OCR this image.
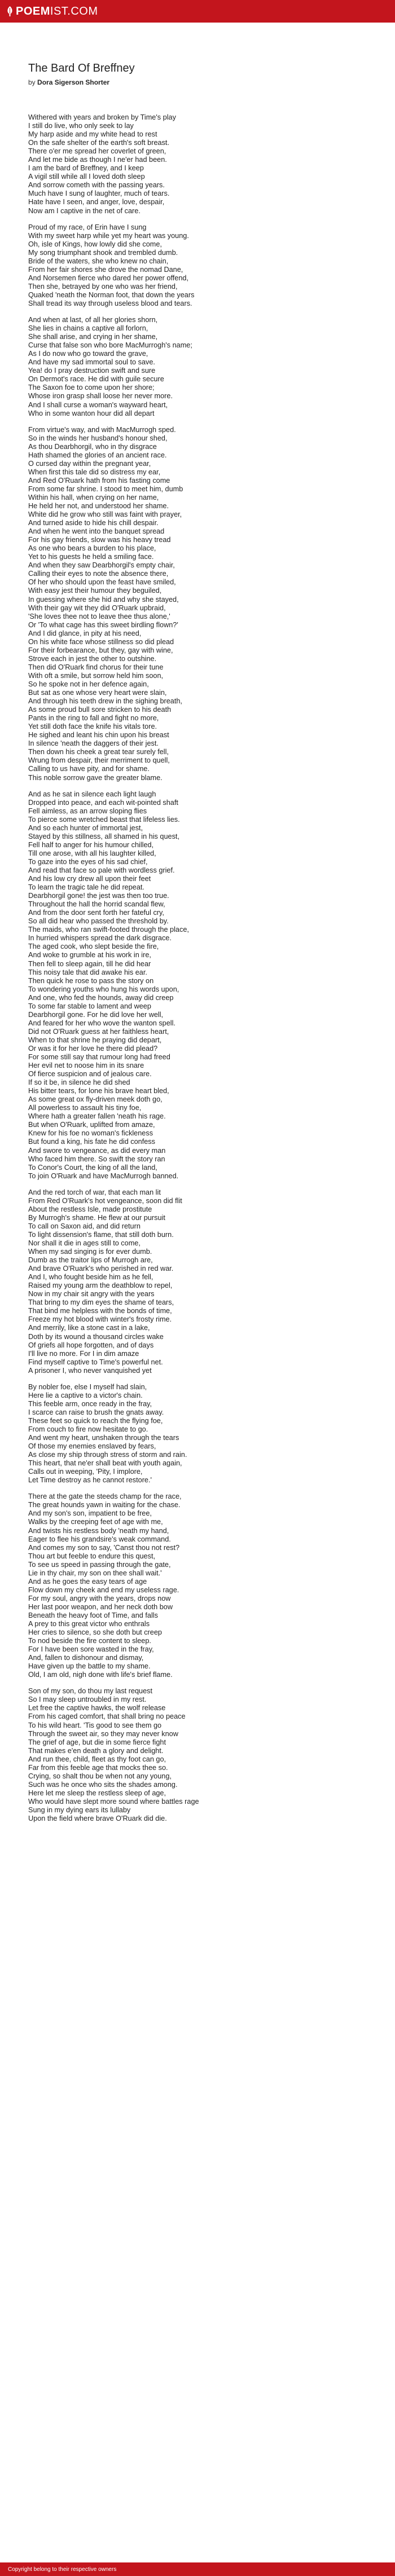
POEMIST.COM
The Bard Of Breffney
by Dora Sigerson Shorter
Withered with years and broken by Time's play
I still do live, who only seek to lay
My harp aside and my white head to rest
On the safe shelter of the earth's soft breast.
There o'er me spread her coverlet of green,
And let me bide as though I ne'er had been.
I am the bard of Breffney, and I keep
A vigil still while all I loved doth sleep
And sorrow cometh with the passing years.
Much have I sung of laughter, much of tears.
Hate have I seen, and anger, love, despair,
Now am I captive in the net of care.
Proud of my race, of Erin have I sung
With my sweet harp while yet my heart was young.
Oh, isle of Kings, how lowly did she come,
My song triumphant shook and trembled dumb.
Bride of the waters, she who knew no chain,
From her fair shores she drove the nomad Dane,
And Norsemen fierce who dared her power offend,
Then she, betrayed by one who was her friend,
Quaked 'neath the Norman foot, that down the years
Shall tread its way through useless blood and tears.
And when at last, of all her glories shorn,
She lies in chains a captive all forlorn,
She shall arise, and crying in her shame,
Curse that false son who bore MacMurrogh's name;
As I do now who go toward the grave,
And have my sad immortal soul to save.
Yea! do I pray destruction swift and sure
On Dermot's race. He did with guile secure
The Saxon foe to come upon her shore;
Whose iron grasp shall loose her never more.
And I shall curse a woman's wayward heart,
Who in some wanton hour did all depart
From virtue's way, and with MacMurrogh sped.
So in the winds her husband's honour shed,
As thou Dearbhorgil, who in thy disgrace
Hath shamed the glories of an ancient race.
O cursed day within the pregnant year,
When first this tale did so distress my ear,
And Red O'Ruark hath from his fasting come
From some far shrine. I stood to meet him, dumb
Within his hall, when crying on her name,
He held her not, and understood her shame.
White did he grow who still was faint with prayer,
And turned aside to hide his chill despair.
And when he went into the banquet spread
For his gay friends, slow was his heavy tread
As one who bears a burden to his place,
Yet to his guests he held a smiling face.
And when they saw Dearbhorgil's empty chair,
Calling their eyes to note the absence there,
Of her who should upon the feast have smiled,
With easy jest their humour they beguiled,
In guessing where she hid and why she stayed,
With their gay wit they did O'Ruark upbraid,
'She loves thee not to leave thee thus alone,'
Or 'To what cage has this sweet birdling flown?'
And I did glance, in pity at his need,
On his white face whose stillness so did plead
For their forbearance, but they, gay with wine,
Strove each in jest the other to outshine.
Then did O'Ruark find chorus for their tune
With oft a smile, but sorrow held him soon,
So he spoke not in her defence again,
But sat as one whose very heart were slain,
And through his teeth drew in the sighing breath,
As some proud bull sore stricken to his death
Pants in the ring to fall and fight no more,
Yet still doth face the knife his vitals tore.
He sighed and leant his chin upon his breast
In silence 'neath the daggers of their jest.
Then down his cheek a great tear surely fell,
Wrung from despair, their merriment to quell,
Calling to us have pity, and for shame.
This noble sorrow gave the greater blame.
And as he sat in silence each light laugh
Dropped into peace, and each wit-pointed shaft
Fell aimless, as an arrow sloping flies
To pierce some wretched beast that lifeless lies.
And so each hunter of immortal jest,
Stayed by this stillness, all shamed in his quest,
Fell half to anger for his humour chilled,
Till one arose, with all his laughter killed,
To gaze into the eyes of his sad chief,
And read that face so pale with wordless grief.
And his low cry drew all upon their feet
To learn the tragic tale he did repeat.
Dearbhorgil gone! the jest was then too true.
Throughout the hall the horrid scandal flew,
And from the door sent forth her fateful cry,
So all did hear who passed the threshold by.
The maids, who ran swift-footed through the place,
In hurried whispers spread the dark disgrace.
The aged cook, who slept beside the fire,
And woke to grumble at his work in ire,
Then fell to sleep again, till he did hear
This noisy tale that did awake his ear.
Then quick he rose to pass the story on
To wondering youths who hung his words upon,
And one, who fed the hounds, away did creep
To some far stable to lament and weep
Dearbhorgil gone. For he did love her well,
And feared for her who wove the wanton spell.
Did not O'Ruark guess at her faithless heart,
When to that shrine he praying did depart,
Or was it for her love he there did plead?
For some still say that rumour long had freed
Her evil net to noose him in its snare
Of fierce suspicion and of jealous care.
If so it be, in silence he did shed
His bitter tears, for lone his brave heart bled,
As some great ox fly-driven meek doth go,
All powerless to assault his tiny foe,
Where hath a greater fallen 'neath his rage.
But when O'Ruark, uplifted from amaze,
Knew for his foe no woman's fickleness
But found a king, his fate he did confess
And swore to vengeance, as did every man
Who faced him there. So swift the story ran
To Conor's Court, the king of all the land,
To join O'Ruark and have MacMurrogh banned.
And the red torch of war, that each man lit
From Red O'Ruark's hot vengeance, soon did flit
About the restless Isle, made prostitute
By Murrogh's shame. He flew at our pursuit
To call on Saxon aid, and did return
To light dissension's flame, that still doth burn.
Nor shall it die in ages still to come,
When my sad singing is for ever dumb.
Dumb as the traitor lips of Murrogh are,
And brave O'Ruark's who perished in red war.
And I, who fought beside him as he fell,
Raised my young arm the deathblow to repel,
Now in my chair sit angry with the years
That bring to my dim eyes the shame of tears,
That bind me helpless with the bonds of time,
Freeze my hot blood with winter's frosty rime.
And merrily, like a stone cast in a lake,
Doth by its wound a thousand circles wake
Of griefs all hope forgotten, and of days
I'll live no more. For I in dim amaze
Find myself captive to Time's powerful net.
A prisoner I, who never vanquished yet
By nobler foe, else I myself had slain,
Here lie a captive to a victor's chain.
This feeble arm, once ready in the fray,
I scarce can raise to brush the gnats away.
These feet so quick to reach the flying foe,
From couch to fire now hesitate to go.
And went my heart, unshaken through the tears
Of those my enemies enslaved by fears,
As close my ship through stress of storm and rain.
This heart, that ne'er shall beat with youth again,
Calls out in weeping, 'Pity, I implore,
Let Time destroy as he cannot restore.'
There at the gate the steeds champ for the race,
The great hounds yawn in waiting for the chase.
And my son's son, impatient to be free,
Walks by the creeping feet of age with me,
And twists his restless body 'neath my hand,
Eager to flee his grandsire's weak command.
And comes my son to say, 'Canst thou not rest?
Thou art but feeble to endure this quest,
To see us speed in passing through the gate,
Lie in thy chair, my son on thee shall wait.'
And as he goes the easy tears of age
Flow down my cheek and end my useless rage.
For my soul, angry with the years, drops now
Her last poor weapon, and her neck doth bow
Beneath the heavy foot of Time, and falls
A prey to this great victor who enthrals
Her cries to silence, so she doth but creep
To nod beside the fire content to sleep.
For I have been sore wasted in the fray,
And, fallen to dishonour and dismay,
Have given up the battle to my shame.
Old, I am old, nigh done with life's brief flame.
Son of my son, do thou my last request
So I may sleep untroubled in my rest.
Let free the captive hawks, the wolf release
From his caged comfort, that shall bring no peace
To his wild heart. 'Tis good to see them go
Through the sweet air, so they may never know
The grief of age, but die in some fierce fight
That makes e'en death a glory and delight.
And run thee, child, fleet as thy foot can go,
Far from this feeble age that mocks thee so.
Crying, so shalt thou be when not any young,
Such was he once who sits the shades among.
Here let me sleep the restless sleep of age,
Who would have slept more sound where battles rage
Sung in my dying ears its lullaby
Upon the field where brave O'Ruark did die.
Copyright belong to their respective owners
